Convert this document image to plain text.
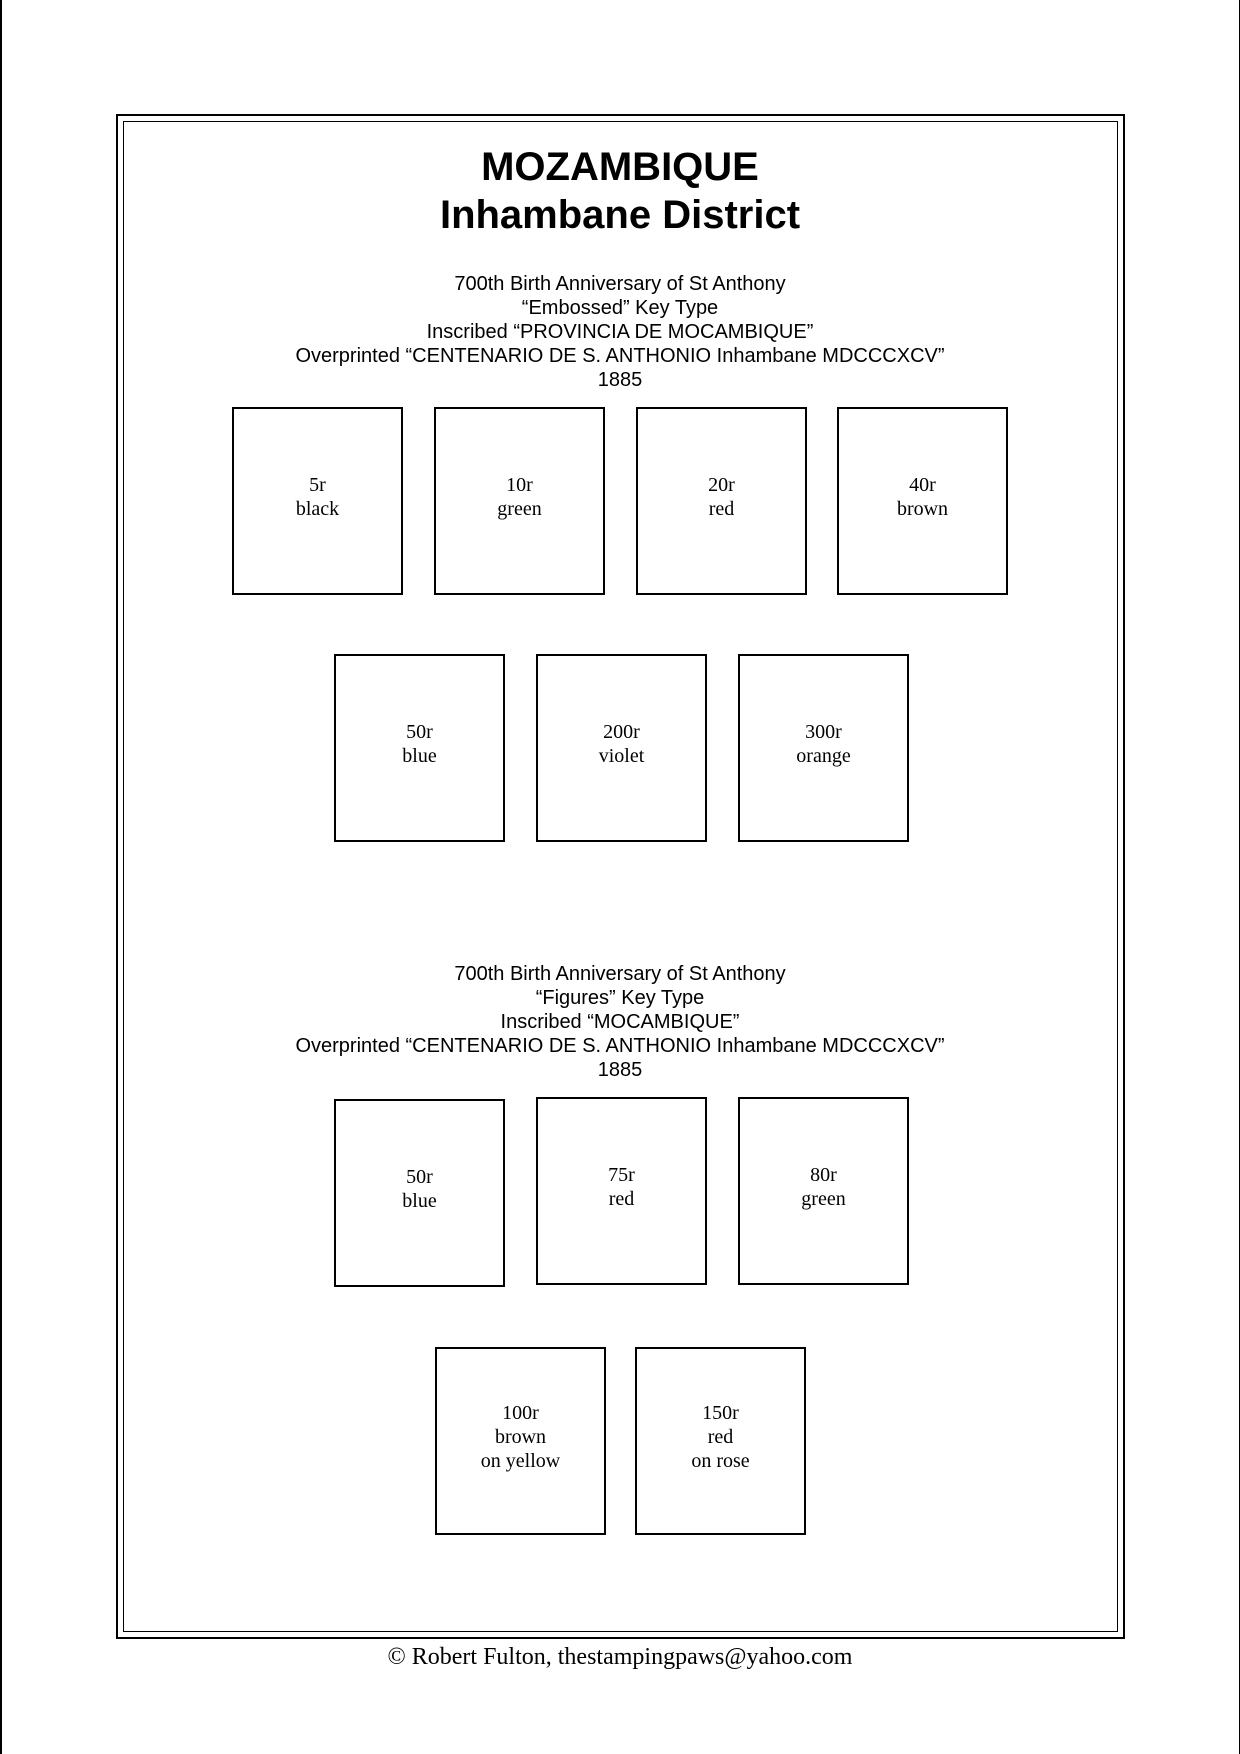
MOZAMBIQUE
Inhambane District
700th Birth Anniversary of St Anthony
“Embossed” Key Type
Inscribed “PROVINCIA DE MOCAMBIQUE”
Overprinted “CENTENARIO DE S. ANTHONIO Inhambane MDCCCXCV”
1885
5r
black
10r
green
20r
red
40r
brown
50r
blue
200r
violet
300r
orange
700th Birth Anniversary of St Anthony
“Figures” Key Type
Inscribed “MOCAMBIQUE”
Overprinted “CENTENARIO DE S. ANTHONIO Inhambane MDCCCXCV”
1885
50r
blue
75r
red
80r
green
100r
brown
on yellow
150r
red
on rose
© Robert Fulton, thestampingpaws@yahoo.com
